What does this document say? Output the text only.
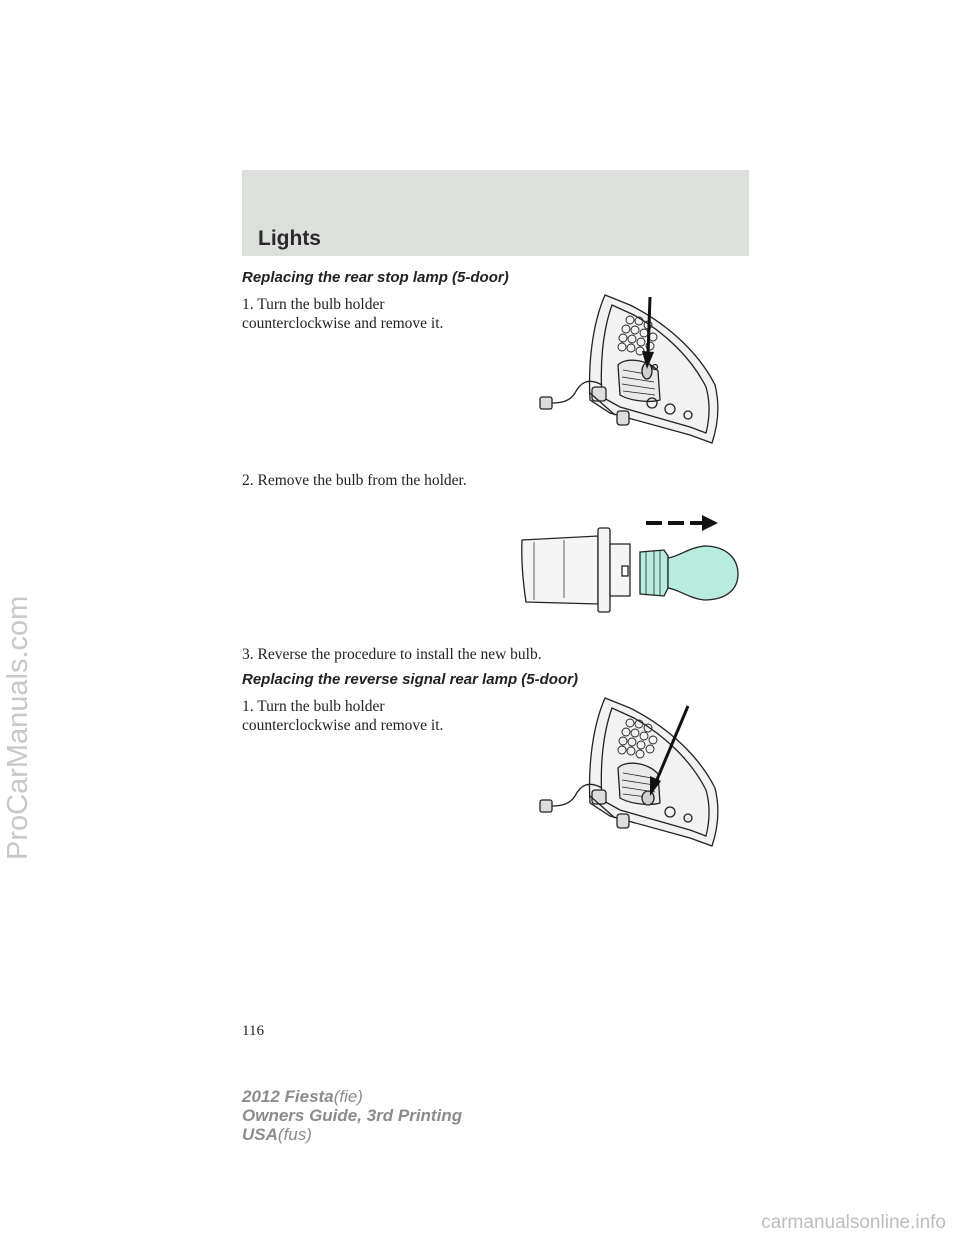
Lights
Replacing the rear stop lamp (5-door)
1. Turn the bulb holder
counterclockwise and remove it.
2. Remove the bulb from the holder.
3. Reverse the procedure to install the new bulb.
Replacing the reverse signal rear lamp (5-door)
1. Turn the bulb holder
counterclockwise and remove it.
116
2012 Fiesta(fie)
Owners Guide, 3rd Printing
USA(fus)
ProCarManuals.com
carmanualsonline.info
